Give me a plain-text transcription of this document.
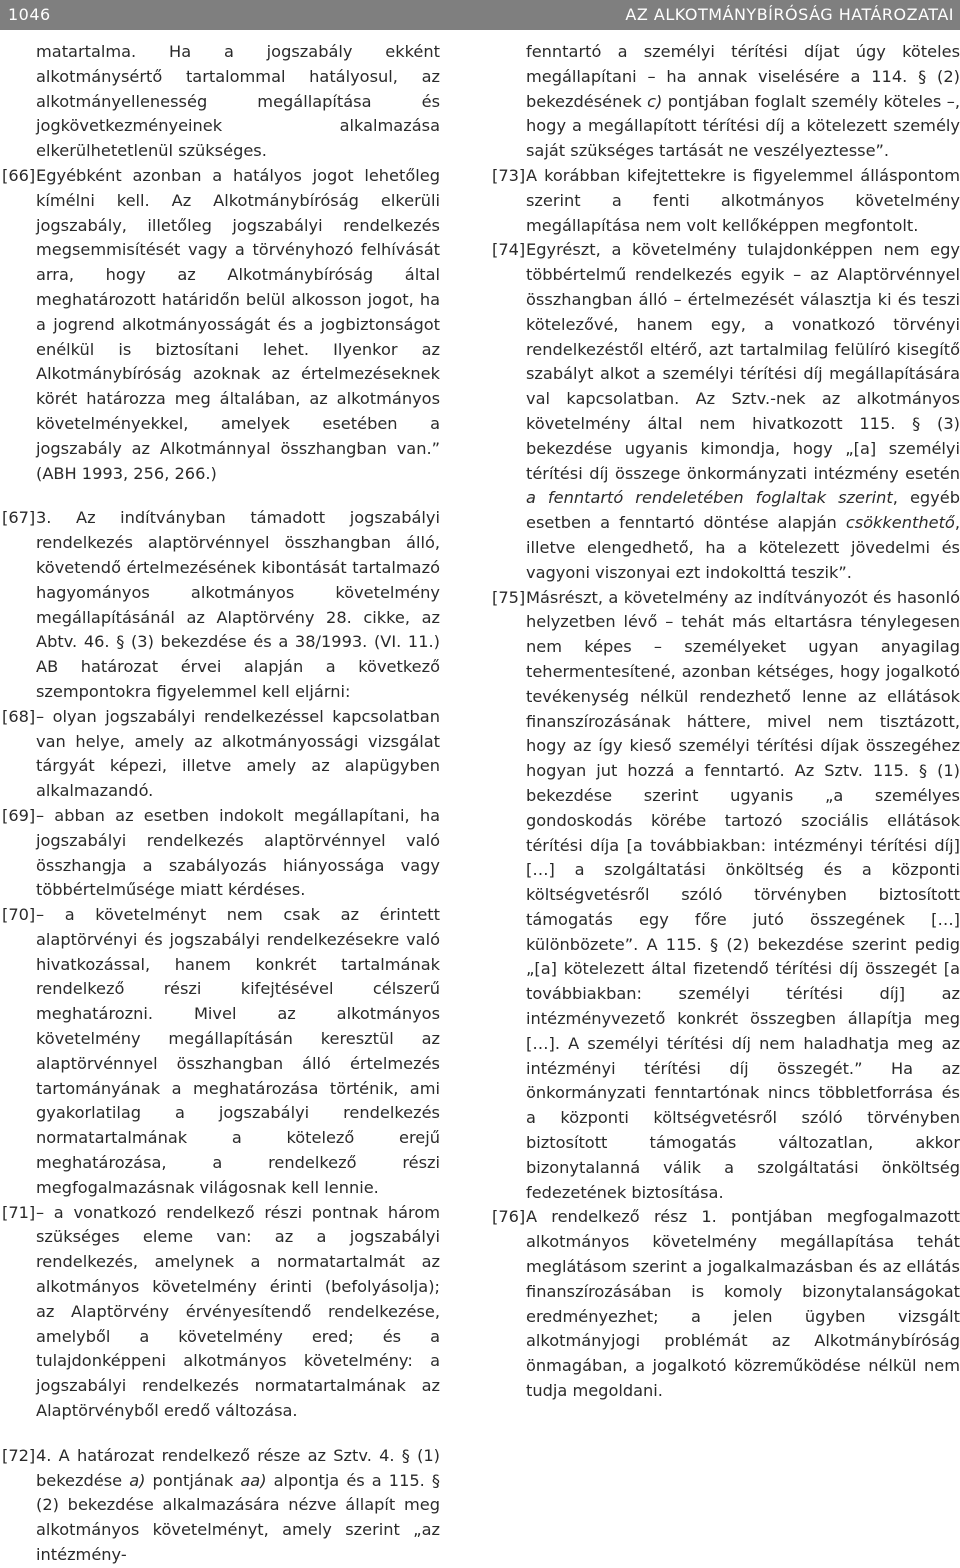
1046	AZ ALKOTMÁNYBÍRÓSÁG HATÁROZATAI

matartalma. Ha a jogszabály ekként alkotmánysértő tartalommal hatályosul, az alkotmányellenesség megállapítása és jogkövetkezményeinek alkalmazása elkerülhetetlenül szükséges.

[66] Egyébként azonban a hatályos jogot lehetőleg kímélni kell. Az Alkotmánybíróság elkerüli jogszabály, illetőleg jogszabályi rendelkezés megsemmisítését vagy a törvényhozó felhívását arra, hogy az Alkotmánybíróság által meghatározott határidőn belül alkosson jogot, ha a jogrend alkotmányosságát és a jogbiztonságot enélkül is biztosítani lehet. Ilyenkor az Alkotmánybíróság azoknak az értelmezéseknek körét határozza meg általában, az alkotmányos követelményekkel, amelyek esetében a jogszabály az Alkotmánnyal összhangban van.” (ABH 1993, 256, 266.)

[67] 3. Az indítványban támadott jogszabályi rendelkezés alaptörvénnyel összhangban álló, követendő értelmezésének kibontását tartalmazó hagyományos alkotmányos követelmény megállapításánál az Alaptörvény 28. cikke, az Abtv. 46. § (3) bekezdése és a 38/1993. (VI. 11.) AB határozat érvei alapján a következő szempontokra figyelemmel kell eljárni:

[68] – olyan jogszabályi rendelkezéssel kapcsolatban van helye, amely az alkotmányossági vizsgálat tárgyát képezi, illetve amely az alapügyben alkalmazandó.

[69] – abban az esetben indokolt megállapítani, ha jogszabályi rendelkezés alaptörvénnyel való összhangja a szabályozás hiányossága vagy többértelműsége miatt kérdéses.

[70] – a követelményt nem csak az érintett alaptörvényi és jogszabályi rendelkezésekre való hivatkozással, hanem konkrét tartalmának rendelkező részi kifejtésével célszerű meghatározni. Mivel az alkotmányos követelmény megállapításán keresztül az alaptörvénnyel összhangban álló értelmezés tartományának a meghatározása történik, ami gyakorlatilag a jogszabályi rendelkezés normatartalmának a kötelező erejű meghatározása, a rendelkező részi megfogalmazásnak világosnak kell lennie.

[71] – a vonatkozó rendelkező részi pontnak három szükséges eleme van: az a jogszabályi rendelkezés, amelynek a normatartalmát az alkotmányos követelmény érinti (befolyásolja); az Alaptörvény érvényesítendő rendelkezése, amelyből a követelmény ered; és a tulajdonképpeni alkotmányos követelmény: a jogszabályi rendelkezés normatartalmának az Alaptörvényből eredő változása.

[72] 4. A határozat rendelkező része az Sztv. 4. § (1) bekezdése a) pontjának aa) alpontja és a 115. § (2) bekezdése alkalmazására nézve állapít meg alkotmányos követelményt, amely szerint „az intézmény-

fenntartó a személyi térítési díjat úgy köteles megállapítani – ha annak viselésére a 114. § (2) bekezdésének c) pontjában foglalt személy köteles –, hogy a megállapított térítési díj a kötelezett személy saját szükséges tartását ne veszélyeztesse”.

[73] A korábban kifejtettekre is figyelemmel álláspontom szerint a fenti alkotmányos követelmény megállapítása nem volt kellőképpen megfontolt.

[74] Egyrészt, a követelmény tulajdonképpen nem egy többértelmű rendelkezés egyik – az Alaptörvénnyel összhangban álló – értelmezését választja ki és teszi kötelezővé, hanem egy, a vonatkozó törvényi rendelkezéstől eltérő, azt tartalmilag felülíró kisegítő szabályt alkot a személyi térítési díj megállapítására val kapcsolatban. Az Sztv.-nek az alkotmányos követelmény által nem hivatkozott 115. § (3) bekezdése ugyanis kimondja, hogy „[a] személyi térítési díj összege önkormányzati intézmény esetén a fenntartó rendeletében foglaltak szerint, egyéb esetben a fenntartó döntése alapján csökkenthető, illetve elengedhető, ha a kötelezett jövedelmi és vagyoni viszonyai ezt indokolttá teszik”.

[75] Másrészt, a követelmény az indítványozót és hasonló helyzetben lévő – tehát más eltartásra ténylegesen nem képes – személyeket ugyan anyagilag tehermentesítené, azonban kétséges, hogy jogalkotó tevékenység nélkül rendezhető lenne az ellátások finanszírozásának háttere, mivel nem tisztázott, hogy az így kieső személyi térítési díjak összegéhez hogyan jut hozzá a fenntartó. Az Sztv. 115. § (1) bekezdése szerint ugyanis „a személyes gondoskodás körébe tartozó szociális ellátások térítési díja [a továbbiakban: intézményi térítési díj] […] a szolgáltatási önköltség és a központi költségvetésről szóló törvényben biztosított támogatás egy főre jutó összegének […] különbözete”. A 115. § (2) bekezdése szerint pedig „[a] kötelezett által fizetendő térítési díj összegét [a továbbiakban: személyi térítési díj] az intézményvezető konkrét összegben állapítja meg […]. A személyi térítési díj nem haladhatja meg az intézményi térítési díj összegét.” Ha az önkormányzati fenntartónak nincs többletforrása és a központi költségvetésről szóló törvényben biztosított támogatás változatlan, akkor bizonytalanná válik a szolgáltatási önköltség fedezetének biztosítása.

[76] A rendelkező rész 1. pontjában megfogalmazott alkotmányos követelmény megállapítása tehát meglátásom szerint a jogalkalmazásban és az ellátás finanszírozásában is komoly bizonytalanságokat eredményezhet; a jelen ügyben vizsgált alkotmányjogi problémát az Alkotmánybíróság önmagában, a jogalkotó közreműködése nélkül nem tudja megoldani.
